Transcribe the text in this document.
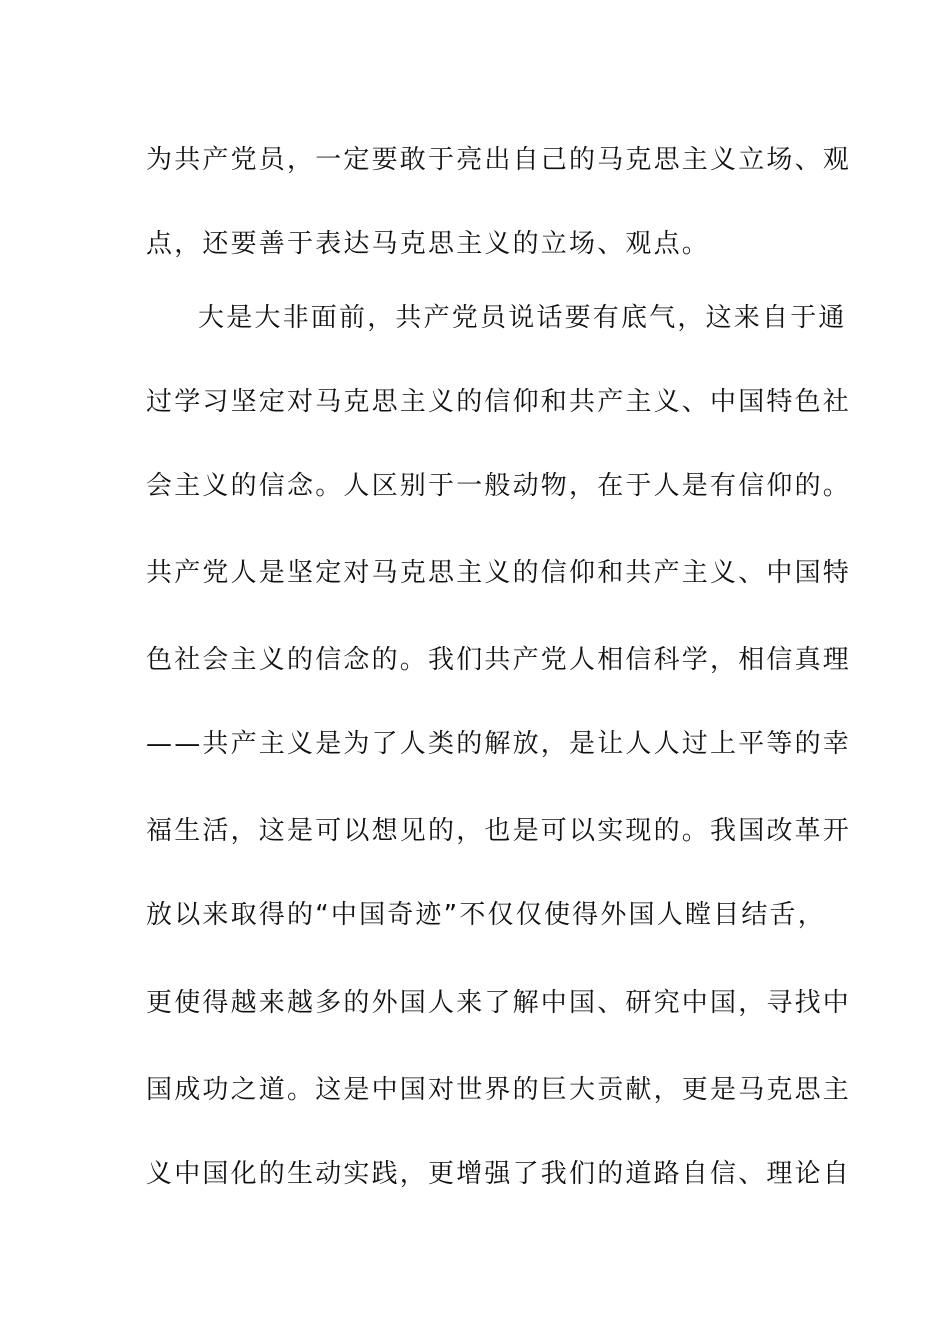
为共产党员，一定要敢于亮出自己的马克思主义立场、观
点，还要善于表达马克思主义的立场、观点。
大是大非面前，共产党员说话要有底气，这来自于通
过学习坚定对马克思主义的信仰和共产主义、中国特色社
会主义的信念。人区别于一般动物，在于人是有信仰的。
共产党人是坚定对马克思主义的信仰和共产主义、中国特
色社会主义的信念的。我们共产党人相信科学，相信真理
——共产主义是为了人类的解放，是让人人过上平等的幸
福生活，这是可以想见的，也是可以实现的。我国改革开
放以来取得的“中国奇迹”不仅仅使得外国人瞠目结舌，
更使得越来越多的外国人来了解中国、研究中国，寻找中
国成功之道。这是中国对世界的巨大贡献，更是马克思主
义中国化的生动实践，更增强了我们的道路自信、理论自
